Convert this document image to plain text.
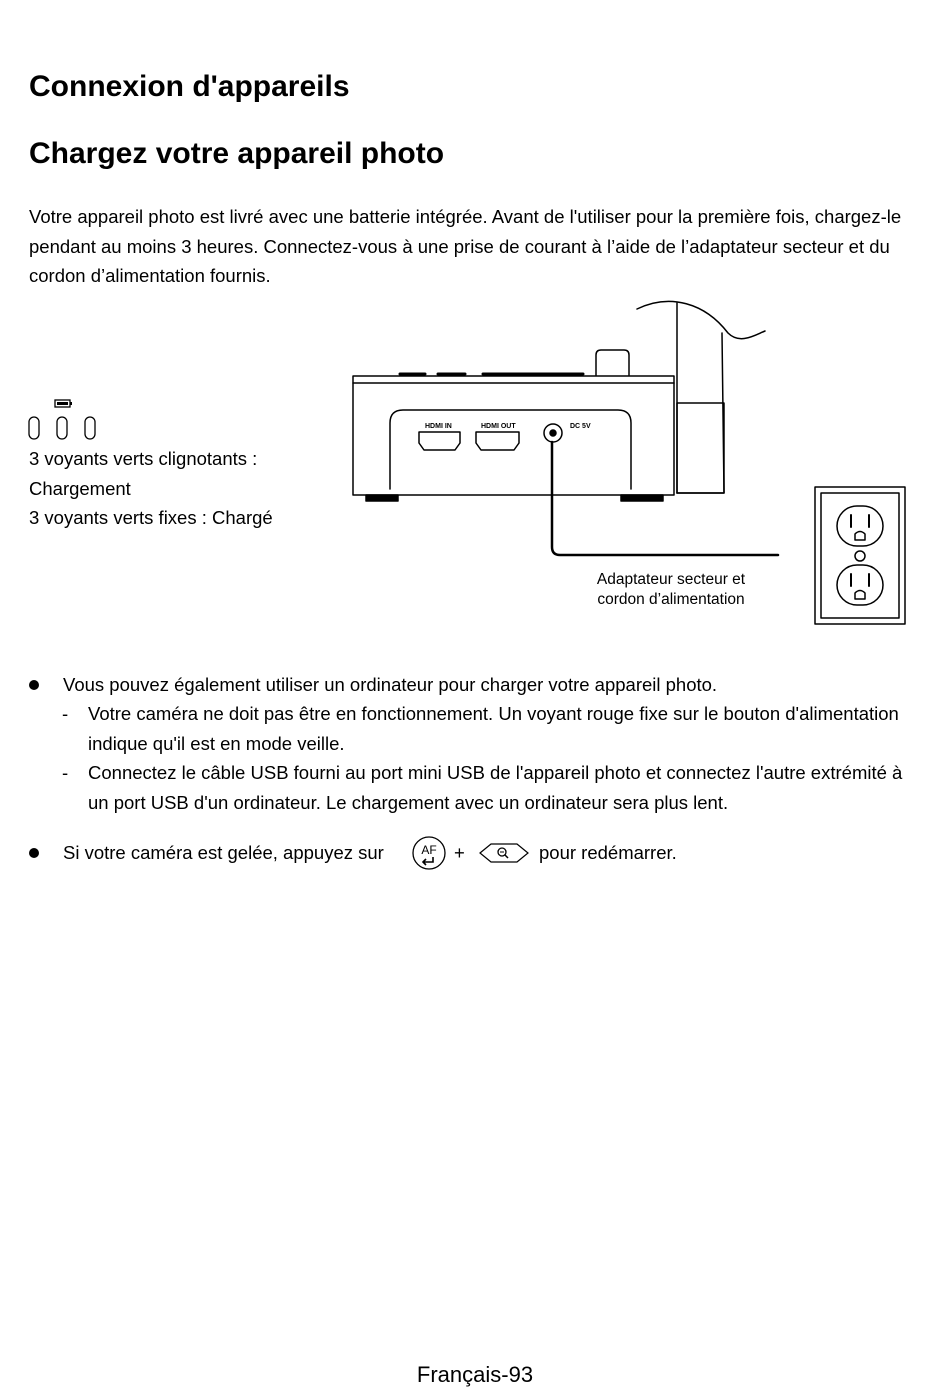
Connexion d'appareils
Chargez votre appareil photo

Votre appareil photo est livré avec une batterie intégrée. Avant de l'utiliser pour la première fois, chargez-le pendant au moins 3 heures. Connectez-vous à une prise de courant à l’aide de l’adaptateur secteur et du cordon d’alimentation fournis.

3 voyants verts clignotants :
Chargement
3 voyants verts fixes : Chargé
HDMI IN	HDMI OUT	DC 5V
Adaptateur secteur et
cordon d’alimentation
Vous pouvez également utiliser un ordinateur pour charger votre appareil photo.
- Votre caméra ne doit pas être en fonctionnement. Un voyant rouge fixe sur le bouton d'alimentation indique qu'il est en mode veille.
- Connectez le câble USB fourni au port mini USB de l'appareil photo et connectez l'autre extrémité à un port USB d'un ordinateur. Le chargement avec un ordinateur sera plus lent.
Si votre caméra est gelée, appuyez sur	AF +	pour redémarrer.
Français-93
